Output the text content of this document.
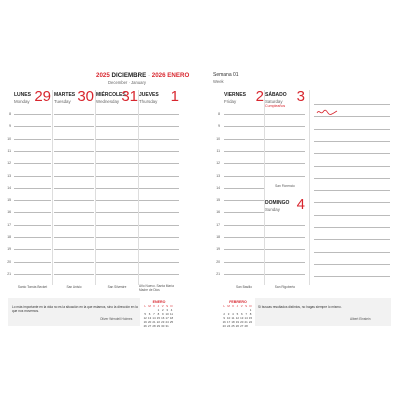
2025 DICIEMBRE · 2026 ENERO
December · January
Semana 01
Week
8
9
10
11
12
13
14
15
16
17
18
19
20
21
LUNES
Monday 29
Santo Tomás Becket
MARTES
Tuesday 30
San Anisio
MIÉRCOLES
Wednesday 31
San Silvestre
JUEVES
Thursday 1
Año Nuevo. Santa María Madre de Dios
8
9
10
11
12
13
14
15
16
17
18
19
20
21
VIERNES
Friday 2 SÁBADO
Saturday 3
Cumpleaños
San Florencio
DOMINGO
Sunday 4
San Basilio	San Rigoberto
Lo más importante en la vida no es la situación en la que estamos, sino la dirección en la que nos movemos.
Oliver Wendell Holmes
Si buscas resultados distintos, no hagas siempre lo mismo.
Albert Einstein
ENERO
L M X J V S D
1 2 3 4
5 6 7 8 9 10 11
12 13 14 15 16 17 18
19 20 21 22 23 24 25
26 27 28 29 30 31
FEBRERO
L M X J V S D
1
2 3 4 5 6 7 8
9 10 11 12 13 14 15
16 17 18 19 20 21 22
23 24 25 26 27 28
